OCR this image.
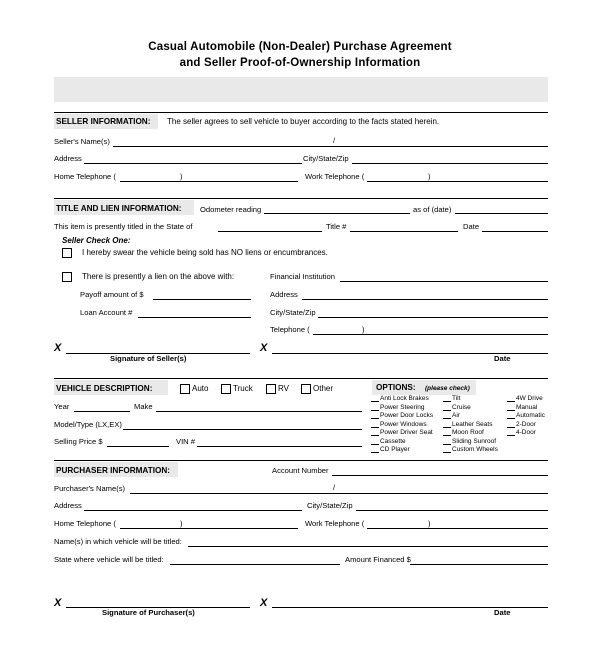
Casual Automobile (Non-Dealer) Purchase Agreement
and Seller Proof-of-Ownership Information
SELLER INFORMATION: The seller agrees to sell vehicle to buyer according to the facts stated herein.
Seller's Name(s)	/
Address	City/State/Zip
Home Telephone (	)	Work Telephone (	)
TITLE AND LIEN INFORMATION: Odometer reading	as of (date)
This item is presently titled in the State of	Title #	Date
Seller Check One:
I hereby swear the vehicle being sold has NO liens or encumbrances.
There is presently a lien on the above with:	Financial Institution
Payoff amount of $	Address
Loan Account #	City/State/Zip
Telephone (	)
X
Signature of Seller(s)
X
Date
VEHICLE DESCRIPTION:	Auto	Truck	RV	Other	OPTIONS: (please check)
Year	Make
Model/Type (LX,EX)
Selling Price $	VIN #
Anti Lock Brakes
Power Steering
Power Door Locks
Power Windows
Power Driver Seat
Cassette
CD Player
Tilt
Cruise
Air
Leather Seats
Moon Roof
Sliding Sunroof
Custom Wheels
4W Drive
Manual
Automatic
2-Door
4-Door
PURCHASER INFORMATION:	Account Number
Purchaser's Name(s)	/
Address	City/State/Zip
Home Telephone (	)	Work Telephone (	)
Name(s) in which vehicle will be titled:
State where vehicle will be titled:	Amount Financed $
X
Signature of Purchaser(s)
X
Date
